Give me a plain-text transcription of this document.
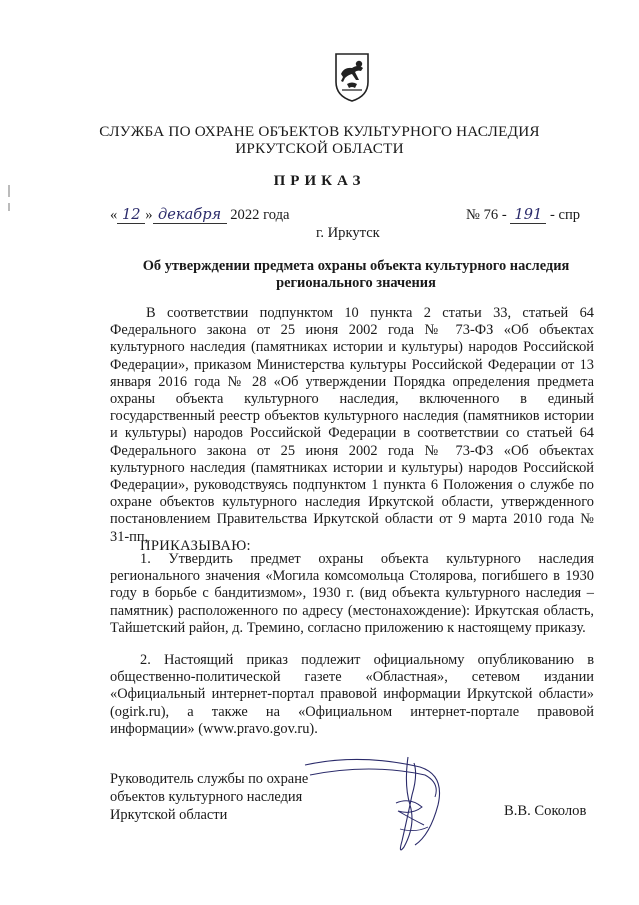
СЛУЖБА ПО ОХРАНЕ ОБЪЕКТОВ КУЛЬТУРНОГО НАСЛЕДИЯ
ИРКУТСКОЙ ОБЛАСТИ
ПРИКАЗ
« 12 » декабря 2022 года	№ 76 - 191 - спр
г. Иркутск
Об утверждении предмета охраны объекта культурного наследия
регионального значения
В соответствии подпунктом 10 пункта 2 статьи 33, статьей 64 Федерального закона от 25 июня 2002 года № 73-ФЗ «Об объектах культурного наследия (памятниках истории и культуры) народов Российской Федерации», приказом Министерства культуры Российской Федерации от 13 января 2016 года № 28 «Об утверждении Порядка определения предмета охраны объекта культурного наследия, включенного в единый государственный реестр объектов культурного наследия (памятников истории и культуры) народов Российской Федерации в соответствии со статьей 64 Федерального закона от 25 июня 2002 года № 73-ФЗ «Об объектах культурного наследия (памятниках истории и культуры) народов Российской Федерации», руководствуясь подпунктом 1 пункта 6 Положения о службе по охране объектов культурного наследия Иркутской области, утвержденного постановлением Правительства Иркутской области от 9 марта 2010 года № 31-пп,
ПРИКАЗЫВАЮ:
1. Утвердить предмет охраны объекта культурного наследия регионального значения «Могила комсомольца Столярова, погибшего в 1930 году в борьбе с бандитизмом», 1930 г. (вид объекта культурного наследия – памятник) расположенного по адресу (местонахождение): Иркутская область, Тайшетский район, д. Тремино, согласно приложению к настоящему приказу.
2. Настоящий приказ подлежит официальному опубликованию в общественно-политической газете «Областная», сетевом издании «Официальный интернет-портал правовой информации Иркутской области» (ogirk.ru), а также на «Официальном интернет-портале правовой информации» (www.pravo.gov.ru).
Руководитель службы по охране
объектов культурного наследия
Иркутской области	В.В. Соколов
